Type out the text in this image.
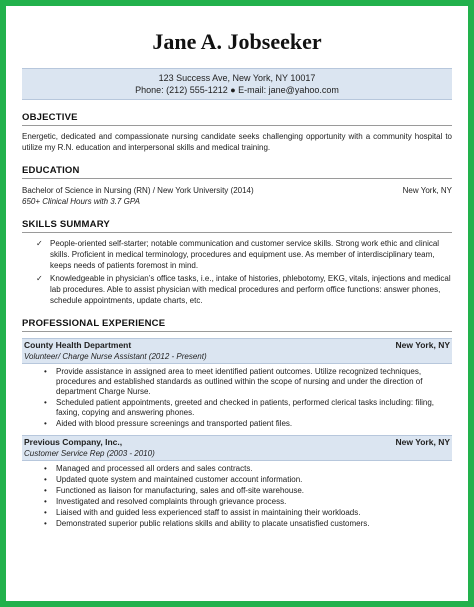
Jane A. Jobseeker
123 Success Ave, New York, NY 10017
Phone: (212) 555-1212 ● E-mail: jane@yahoo.com
OBJECTIVE
Energetic, dedicated and compassionate nursing candidate seeks challenging opportunity with a community hospital to utilize my R.N. education and interpersonal skills and medical training.
EDUCATION
Bachelor of Science in Nursing (RN) / New York University (2014)	New York, NY
650+ Clinical Hours with 3.7 GPA
SKILLS SUMMARY
✓ People-oriented self-starter; notable communication and customer service skills. Strong work ethic and clinical skills. Proficient in medical terminology, procedures and equipment use. As member of interdisciplinary team, keeps needs of patients foremost in mind.
✓ Knowledgeable in physician’s office tasks, i.e., intake of histories, phlebotomy, EKG, vitals, injections and medical lab procedures. Able to assist physician with medical procedures and perform office functions: answer phones, schedule appointments, update charts, etc.
PROFESSIONAL EXPERIENCE
County Health Department	New York, NY
Volunteer/ Charge Nurse Assistant (2012 - Present)
• Provide assistance in assigned area to meet identified patient outcomes. Utilize recognized techniques, procedures and established standards as outlined within the scope of nursing and under the direction of department Charge Nurse.
• Scheduled patient appointments, greeted and checked in patients, performed clerical tasks including: filing, faxing, copying and answering phones.
• Aided with blood pressure screenings and transported patient files.
Previous Company, Inc.,	New York, NY
Customer Service Rep (2003 - 2010)
• Managed and processed all orders and sales contracts.
• Updated quote system and maintained customer account information.
• Functioned as liaison for manufacturing, sales and off-site warehouse.
• Investigated and resolved complaints through grievance process.
• Liaised with and guided less experienced staff to assist in maintaining their workloads.
• Demonstrated superior public relations skills and ability to placate unsatisfied customers.
